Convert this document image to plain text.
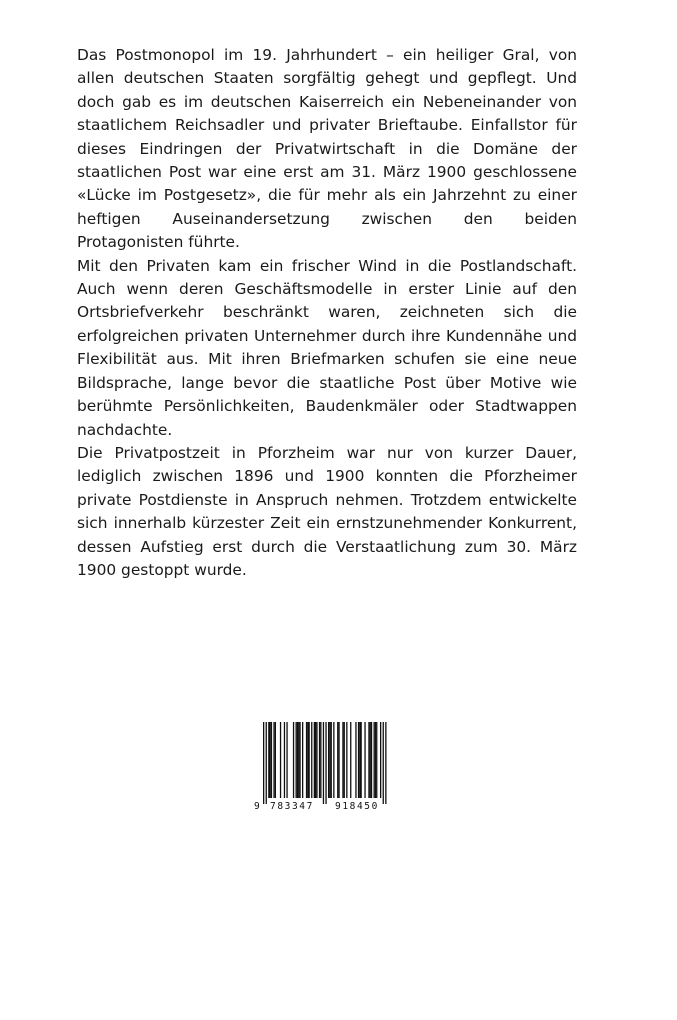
Das Postmonopol im 19. Jahrhundert – ein heiliger Gral, von allen deutschen Staaten sorgfältig gehegt und gepflegt. Und doch gab es im deutschen Kaiserreich ein Nebeneinander von staatlichem Reichsadler und privater Brieftaube. Einfallstor für dieses Eindringen der Privatwirtschaft in die Domäne der staatlichen Post war eine erst am 31. März 1900 geschlossene «Lücke im Postgesetz», die für mehr als ein Jahrzehnt zu einer heftigen Auseinandersetzung zwischen den beiden Protagonisten führte.

Mit den Privaten kam ein frischer Wind in die Postlandschaft. Auch wenn deren Geschäftsmodelle in erster Linie auf den Ortsbriefverkehr beschränkt waren, zeichneten sich die erfolgreichen privaten Unternehmer durch ihre Kundennähe und Flexibilität aus. Mit ihren Briefmarken schufen sie eine neue Bildsprache, lange bevor die staatliche Post über Motive wie berühmte Persönlichkeiten, Baudenkmäler oder Stadtwappen nachdachte.

Die Privatpostzeit in Pforzheim war nur von kurzer Dauer, lediglich zwischen 1896 und 1900 konnten die Pforzheimer private Postdienste in Anspruch nehmen. Trotzdem entwickelte sich innerhalb kürzester Zeit ein ernstzunehmender Konkurrent, dessen Aufstieg erst durch die Verstaatlichung zum 30. März 1900 gestoppt wurde.

9

783347

918450
